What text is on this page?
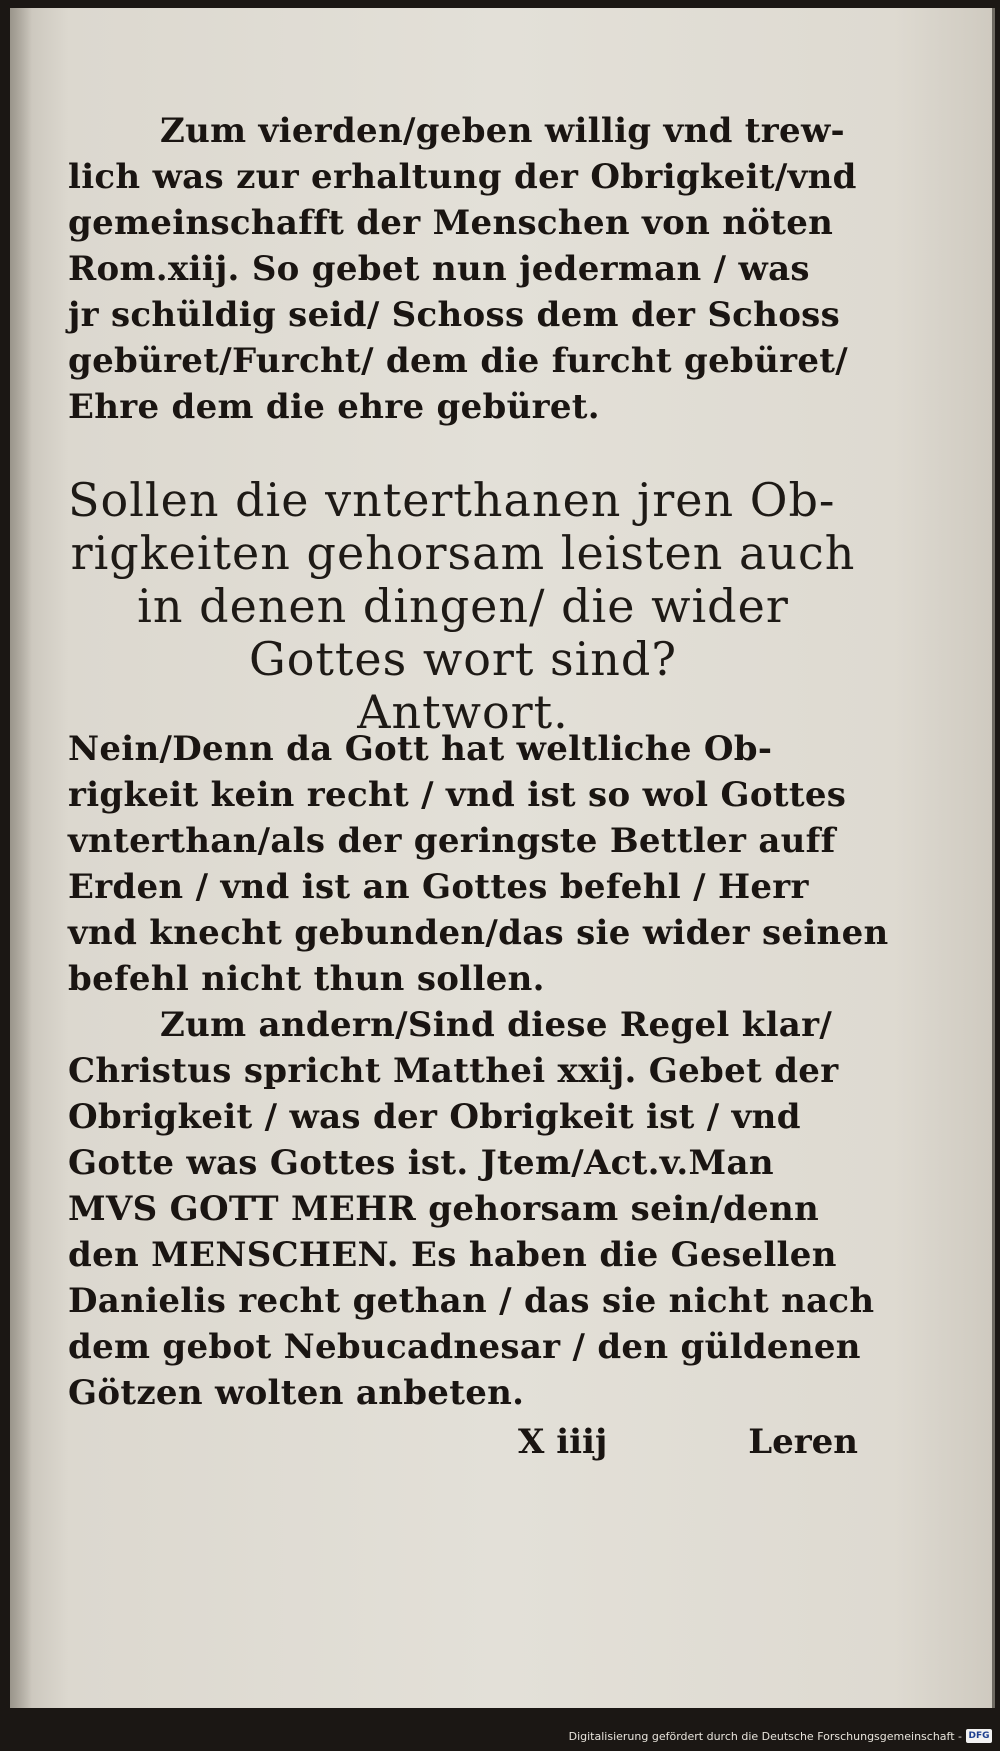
Zum vierden/geben willig vnd trew-
lich was zur erhaltung der Obrigkeit/vnd
gemeinschafft der Menschen von nöten
Rom.xiij. So gebet nun jederman / was
jr schüldig seid/ Schoss dem der Schoss
gebüret/Furcht/ dem die furcht gebüret/
Ehre dem die ehre gebüret.
Sollen die vnterthanen jren Ob-
rigkeiten gehorsam leisten auch
in denen dingen/ die wider
Gottes wort sind?
Antwort.
Nein/Denn da Gott hat weltliche Ob-
rigkeit kein recht / vnd ist so wol Gottes
vnterthan/als der geringste Bettler auff
Erden / vnd ist an Gottes befehl / Herr
vnd knecht gebunden/das sie wider seinen
befehl nicht thun sollen.
Zum andern/Sind diese Regel klar/
Christus spricht Matthei xxij. Gebet der
Obrigkeit / was der Obrigkeit ist / vnd
Gotte was Gottes ist. Jtem/Act.v.Man
MVS GOTT MEHR gehorsam sein/denn
den MENSCHEN. Es haben die Gesellen
Danielis recht gethan / das sie nicht nach
dem gebot Nebucadnesar / den güldenen
Götzen wolten anbeten.
X iiij	Leren
Digitalisierung gefördert durch die Deutsche Forschungsgemeinschaft - DFG
